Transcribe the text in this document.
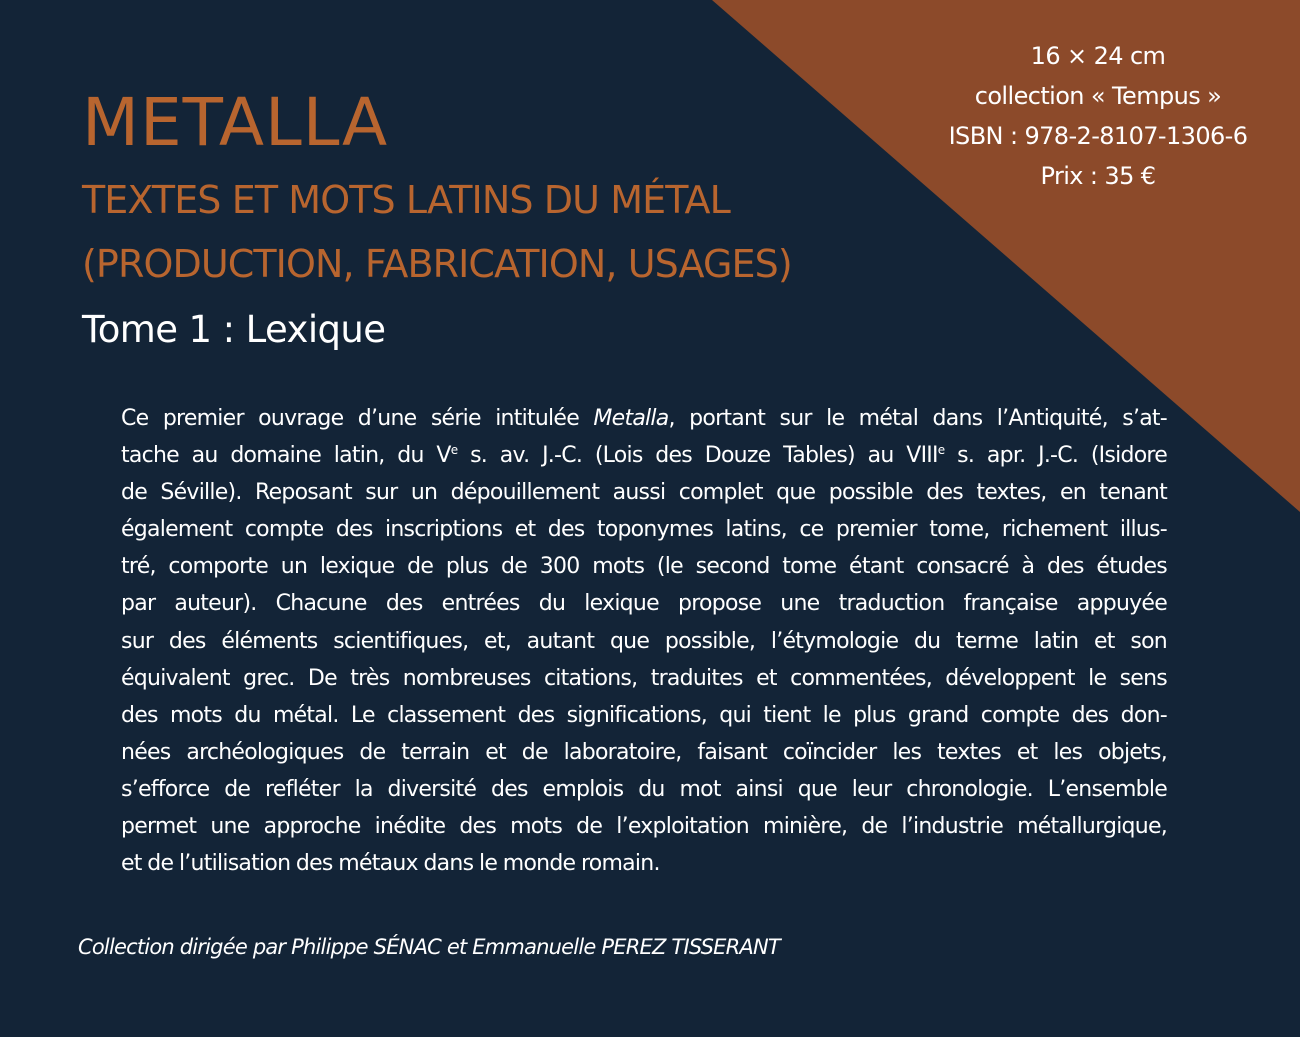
16 × 24 cm
collection « Tempus »
ISBN : 978-2-8107-1306-6
Prix : 35 €
METALLA
TEXTES ET MOTS LATINS DU MÉTAL
(PRODUCTION, FABRICATION, USAGES)
Tome 1 : Lexique
Ce premier ouvrage d’une série intitulée Metalla, portant sur le métal dans l’Antiquité, s’at-
tache au domaine latin, du Ve s. av. J.-C. (Lois des Douze Tables) au VIIIe s. apr. J.-C. (Isidore
de Séville). Reposant sur un dépouillement aussi complet que possible des textes, en tenant
également compte des inscriptions et des toponymes latins, ce premier tome, richement illus-
tré, comporte un lexique de plus de 300 mots (le second tome étant consacré à des études
par auteur). Chacune des entrées du lexique propose une traduction française appuyée
sur des éléments scientifiques, et, autant que possible, l’étymologie du terme latin et son
équivalent grec. De très nombreuses citations, traduites et commentées, développent le sens
des mots du métal. Le classement des significations, qui tient le plus grand compte des don-
nées archéologiques de terrain et de laboratoire, faisant coïncider les textes et les objets,
s’efforce de refléter la diversité des emplois du mot ainsi que leur chronologie. L’ensemble
permet une approche inédite des mots de l’exploitation minière, de l’industrie métallurgique,
et de l’utilisation des métaux dans le monde romain.
Collection dirigée par Philippe SÉNAC et Emmanuelle PEREZ TISSERANT
